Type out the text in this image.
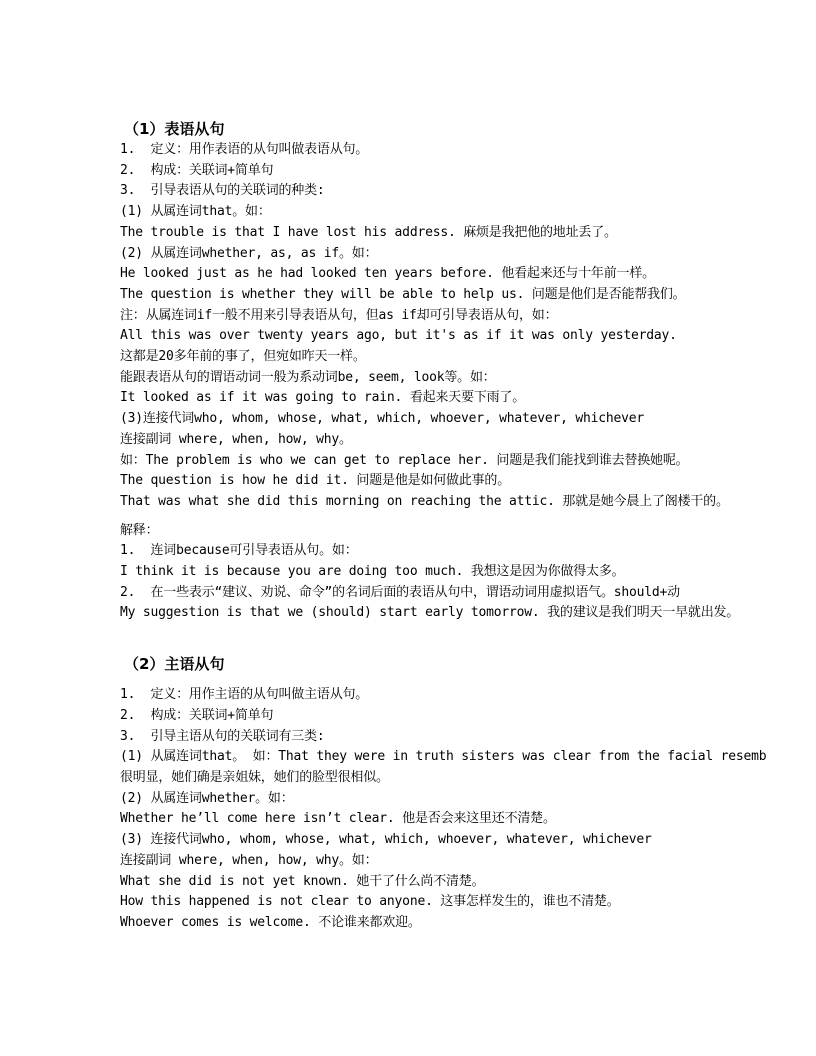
（1）表语从句
1.  定义：用作表语的从句叫做表语从句。
2.  构成：关联词+简单句
3.  引导表语从句的关联词的种类:
(1) 从属连词that。如：
The trouble is that I have lost his address. 麻烦是我把他的地址丢了。
(2) 从属连词whether, as, as if。如：
He looked just as he had looked ten years before. 他看起来还与十年前一样。
The question is whether they will be able to help us. 问题是他们是否能帮我们。
注：从属连词if一般不用来引导表语从句，但as if却可引导表语从句，如：
All this was over twenty years ago, but it's as if it was only yesterday.
这都是20多年前的事了，但宛如昨天一样。
能跟表语从句的谓语动词一般为系动词be, seem, look等。如：
It looked as if it was going to rain. 看起来天要下雨了。
(3)连接代词who, whom, whose, what, which, whoever, whatever, whichever
连接副词 where, when, how, why。
如：The problem is who we can get to replace her. 问题是我们能找到谁去替换她呢。
The question is how he did it. 问题是他是如何做此事的。
That was what she did this morning on reaching the attic. 那就是她今晨上了阁楼干的。
解释：
1.  连词because可引导表语从句。如：
I think it is because you are doing too much. 我想这是因为你做得太多。
2.  在一些表示“建议、劝说、命令”的名词后面的表语从句中，谓语动词用虚拟语气。should+动
My suggestion is that we (should) start early tomorrow. 我的建议是我们明天一早就出发。
（2）主语从句
1.  定义：用作主语的从句叫做主语从句。
2.  构成：关联词+简单句
3.  引导主语从句的关联词有三类:
(1) 从属连词that。 如：That they were in truth sisters was clear from the facial resemb
很明显，她们确是亲姐妹，她们的脸型很相似。
(2) 从属连词whether。如：
Whether he’ll come here isn’t clear. 他是否会来这里还不清楚。
(3) 连接代词who, whom, whose, what, which, whoever, whatever, whichever
连接副词 where, when, how, why。如：
What she did is not yet known. 她干了什么尚不清楚。
How this happened is not clear to anyone. 这事怎样发生的，谁也不清楚。
Whoever comes is welcome. 不论谁来都欢迎。
